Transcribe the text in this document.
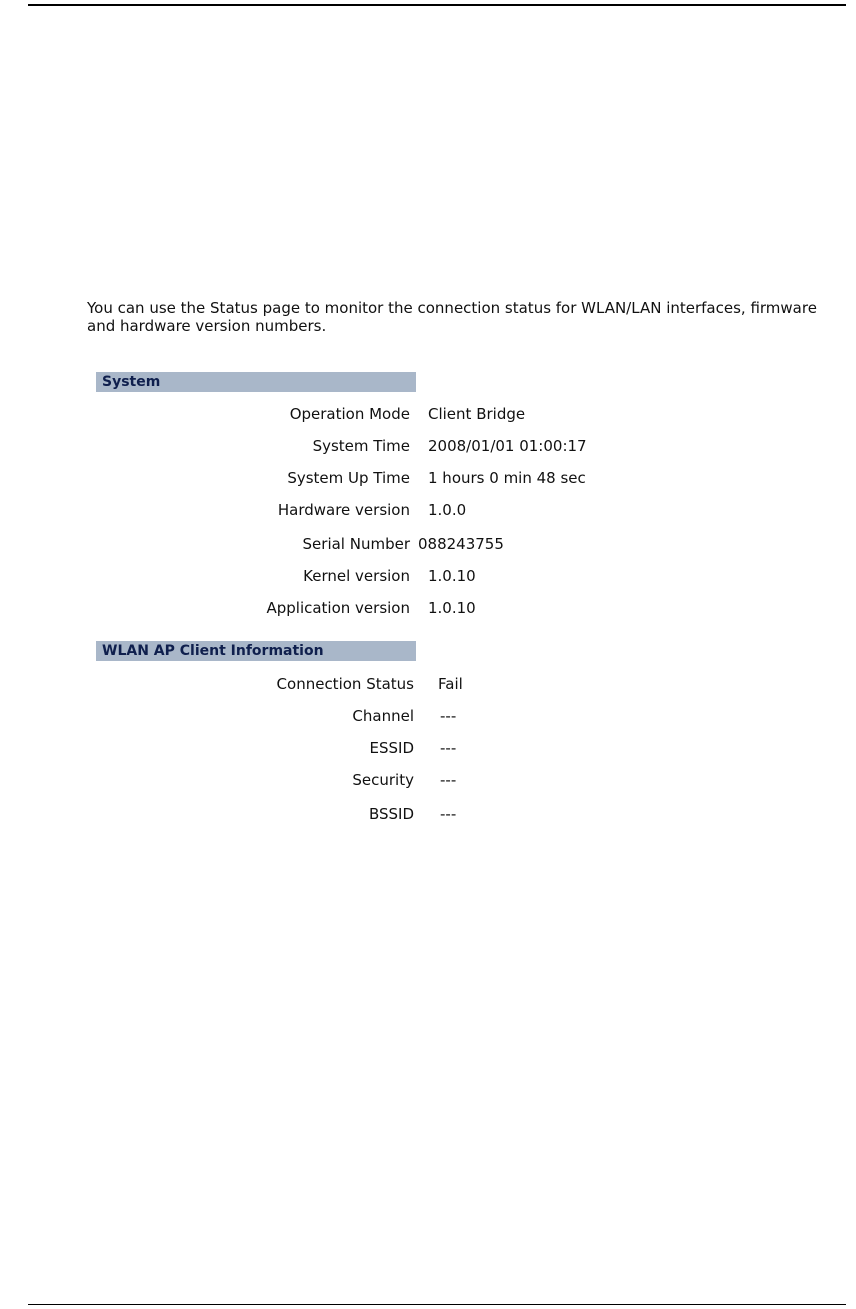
You can use the Status page to monitor the connection status for WLAN/LAN interfaces, firmware and hardware version numbers.

System
Operation Mode Client Bridge
System Time 2008/01/01 01:00:17
System Up Time 1 hours 0 min 48 sec
Hardware version 1.0.0
Serial Number 088243755
Kernel version 1.0.10
Application version 1.0.10
WLAN AP Client Information
Connection Status Fail
Channel ---
ESSID ---
Security ---
BSSID ---
